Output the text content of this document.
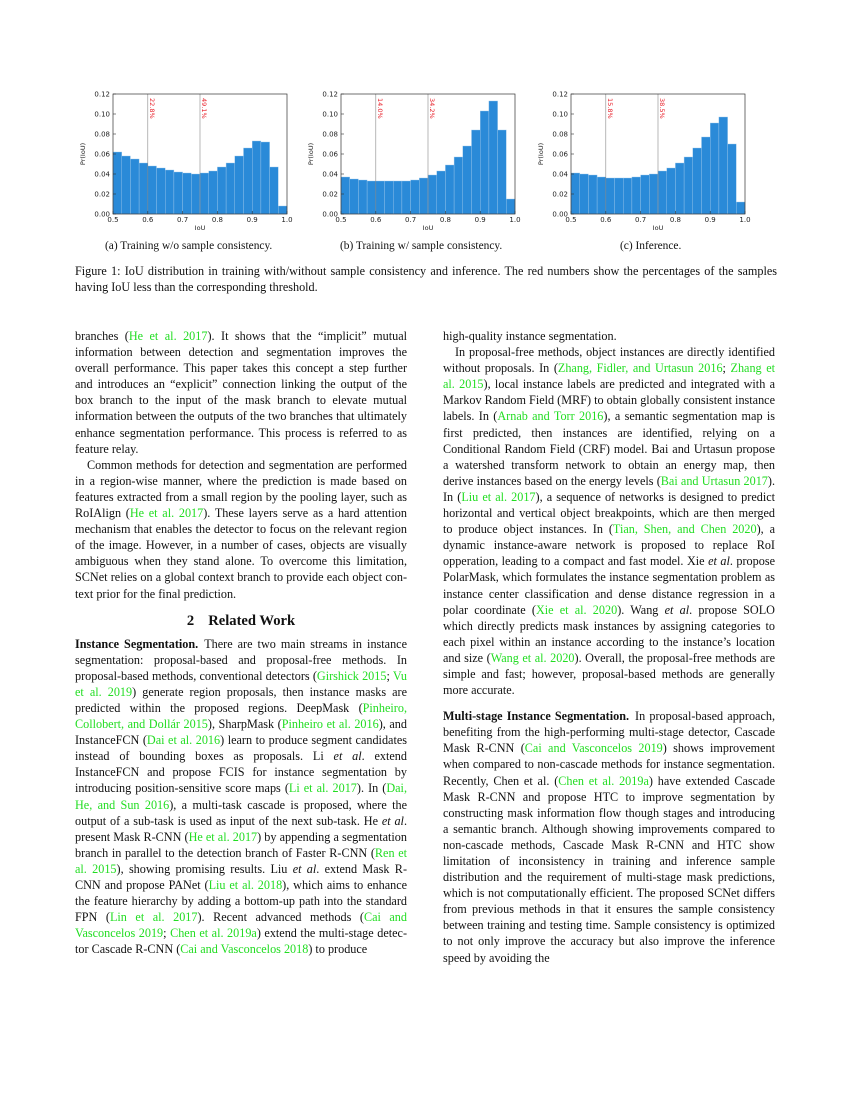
22.8%	49.1%
0.00
0.02
0.04
0.06
0.08
0.10
0.12
0.5	0.6	0.7	0.8	0.9	1.0
IoU
Pr(IoU)
14.0%	34.2%
0.00
0.02
0.04
0.06
0.08
0.10
0.12
0.5	0.6	0.7	0.8	0.9	1.0
IoU
Pr(IoU)
15.8%	38.5%
0.00
0.02
0.04
0.06
0.08
0.10
0.12
0.5	0.6	0.7	0.8	0.9	1.0
IoU
Pr(IoU)
(a) Training w/o sample consistency.	(b) Training w/ sample consistency.	(c) Inference.
Figure 1: IoU distribution in training with/without sample consistency and inference. The red numbers show the percentages of the samples having IoU less than the corresponding threshold.

branches (He et al. 2017). It shows that the “implicit” mutual information between detection and segmentation improves the overall performance. This paper takes this concept a step further and introduces an “explicit” connection linking the output of the box branch to the input of the mask branch to elevate mutual information between the outputs of the two branches that ultimately enhance segmentation performance. This process is referred to as feature relay.

Common methods for detection and segmentation are performed in a region-wise manner, where the prediction is made based on features extracted from a small region by the pooling layer, such as RoIAlign (He et al. 2017). These layers serve as a hard attention mechanism that enables the detector to focus on the relevant region of the image. However, in a number of cases, objects are visually ambiguous when they stand alone. To overcome this limitation, SCNet relies on a global context branch to provide each object context prior for the final prediction.

2 Related Work

Instance Segmentation. There are two main streams in instance segmentation: proposal-based and proposal-free methods. In proposal-based methods, conventional detectors (Girshick 2015; Vu et al. 2019) generate region proposals, then instance masks are predicted within the proposed regions. DeepMask (Pinheiro, Collobert, and Dollár 2015), SharpMask (Pinheiro et al. 2016), and InstanceFCN (Dai et al. 2016) learn to produce segment candidates instead of bounding boxes as proposals. Li et al. extend InstanceFCN and propose FCIS for instance segmentation by introducing position-sensitive score maps (Li et al. 2017). In (Dai, He, and Sun 2016), a multi-task cascade is proposed, where the output of a sub-task is used as input of the next sub-task. He et al. present Mask R-CNN (He et al. 2017) by appending a segmentation branch in parallel to the detection branch of Faster R-CNN (Ren et al. 2015), showing promising results. Liu et al. extend Mask R-CNN and propose PANet (Liu et al. 2018), which aims to enhance the feature hierarchy by adding a bottom-up path into the standard FPN (Lin et al. 2017). Recent advanced methods (Cai and Vasconcelos 2019; Chen et al. 2019a) extend the multi-stage detector Cascade R-CNN (Cai and Vasconcelos 2018) to produce

high-quality instance segmentation.

In proposal-free methods, object instances are directly identified without proposals. In (Zhang, Fidler, and Urtasun 2016; Zhang et al. 2015), local instance labels are predicted and integrated with a Markov Random Field (MRF) to obtain globally consistent instance labels. In (Arnab and Torr 2016), a semantic segmentation map is first predicted, then instances are identified, relying on a Conditional Random Field (CRF) model. Bai and Urtasun propose a watershed transform network to obtain an energy map, then derive instances based on the energy levels (Bai and Urtasun 2017). In (Liu et al. 2017), a sequence of networks is designed to predict horizontal and vertical object breakpoints, which are then merged to produce object instances. In (Tian, Shen, and Chen 2020), a dynamic instance-aware network is proposed to replace RoI opperation, leading to a compact and fast model. Xie et al. propose PolarMask, which formulates the instance segmentation problem as instance center classification and dense distance regression in a polar coordinate (Xie et al. 2020). Wang et al. propose SOLO which directly predicts mask instances by assigning categories to each pixel within an instance according to the instance’s location and size (Wang et al. 2020). Overall, the proposal-free methods are simple and fast; however, proposal-based methods are generally more accurate.

Multi-stage Instance Segmentation. In proposal-based approach, benefiting from the high-performing multi-stage detector, Cascade Mask R-CNN (Cai and Vasconcelos 2019) shows improvement when compared to non-cascade methods for instance segmentation. Recently, Chen et al. (Chen et al. 2019a) have extended Cascade Mask R-CNN and propose HTC to improve segmentation by constructing mask information flow though stages and introducing a semantic branch. Although showing improvements compared to non-cascade methods, Cascade Mask R-CNN and HTC show limitation of inconsistency in training and inference sample distribution and the requirement of multi-stage mask predictions, which is not computationally efficient. The proposed SCNet differs from previous methods in that it ensures the sample consistency between training and testing time. Sample consistency is optimized to not only improve the accuracy but also improve the inference speed by avoiding the
